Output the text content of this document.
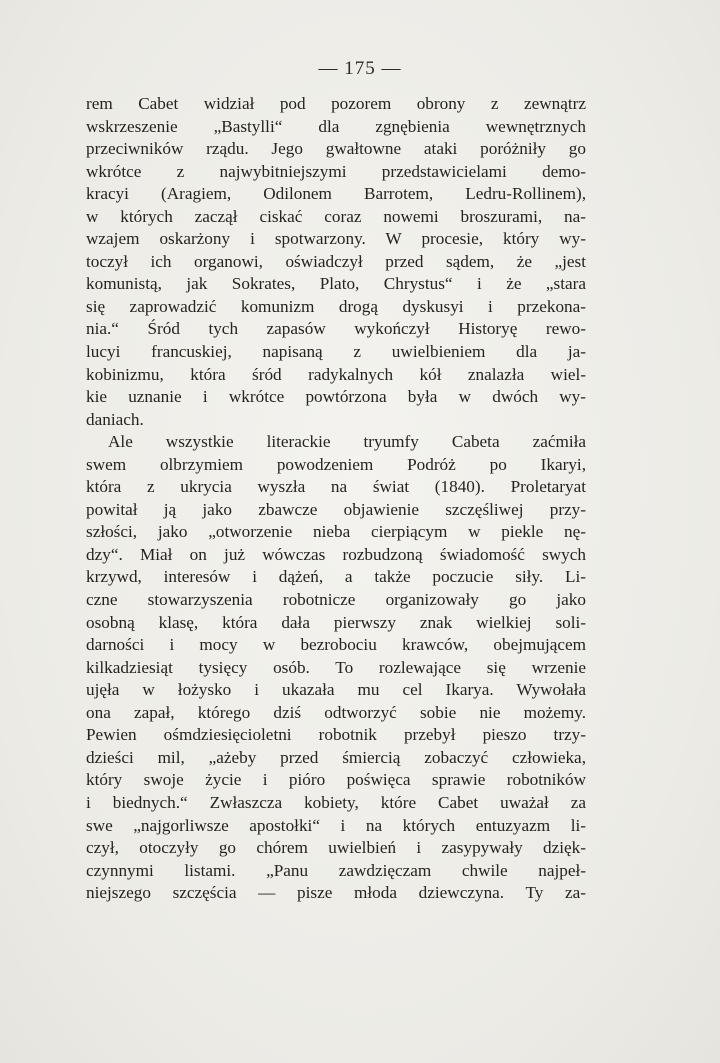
— 175 —
rem Cabet widział pod pozorem obrony z zewnątrz
wskrzeszenie „Bastylli“ dla zgnębienia wewnętrznych
przeciwników rządu. Jego gwałtowne ataki poróżniły go
wkrótce z najwybitniejszymi przedstawicielami demo-
kracyi (Aragiem, Odilonem Barrotem, Ledru-Rollinem),
w których zaczął ciskać coraz nowemi broszurami, na-
wzajem oskarżony i spotwarzony. W procesie, który wy-
toczył ich organowi, oświadczył przed sądem, że „jest
komunistą, jak Sokrates, Plato, Chrystus“ i że „stara
się zaprowadzić komunizm drogą dyskusyi i przekona-
nia.“ Śród tych zapasów wykończył Historyę rewo-
lucyi francuskiej, napisaną z uwielbieniem dla ja-
kobinizmu, która śród radykalnych kół znalazła wiel-
kie uznanie i wkrótce powtórzona była w dwóch wy-
daniach.
Ale wszystkie literackie tryumfy Cabeta zaćmiła
swem olbrzymiem powodzeniem Podróż po Ikaryi,
która z ukrycia wyszła na świat (1840). Proletaryat
powitał ją jako zbawcze objawienie szczęśliwej przy-
szłości, jako „otworzenie nieba cierpiącym w piekle nę-
dzy“. Miał on już wówczas rozbudzoną świadomość swych
krzywd, interesów i dążeń, a także poczucie siły. Li-
czne stowarzyszenia robotnicze organizowały go jako
osobną klasę, która dała pierwszy znak wielkiej soli-
darności i mocy w bezrobociu krawców, obejmującem
kilkadziesiąt tysięcy osób. To rozlewające się wrzenie
ujęła w łożysko i ukazała mu cel Ikarya. Wywołała
ona zapał, którego dziś odtworzyć sobie nie możemy.
Pewien ośmdziesięcioletni robotnik przebył pieszo trzy-
dzieści mil, „ażeby przed śmiercią zobaczyć człowieka,
który swoje życie i pióro poświęca sprawie robotników
i biednych.“ Zwłaszcza kobiety, które Cabet uważał za
swe „najgorliwsze apostołki“ i na których entuzyazm li-
czył, otoczyły go chórem uwielbień i zasypywały dzięk-
czynnymi listami. „Panu zawdzięczam chwile najpeł-
niejszego szczęścia — pisze młoda dziewczyna. Ty za-
